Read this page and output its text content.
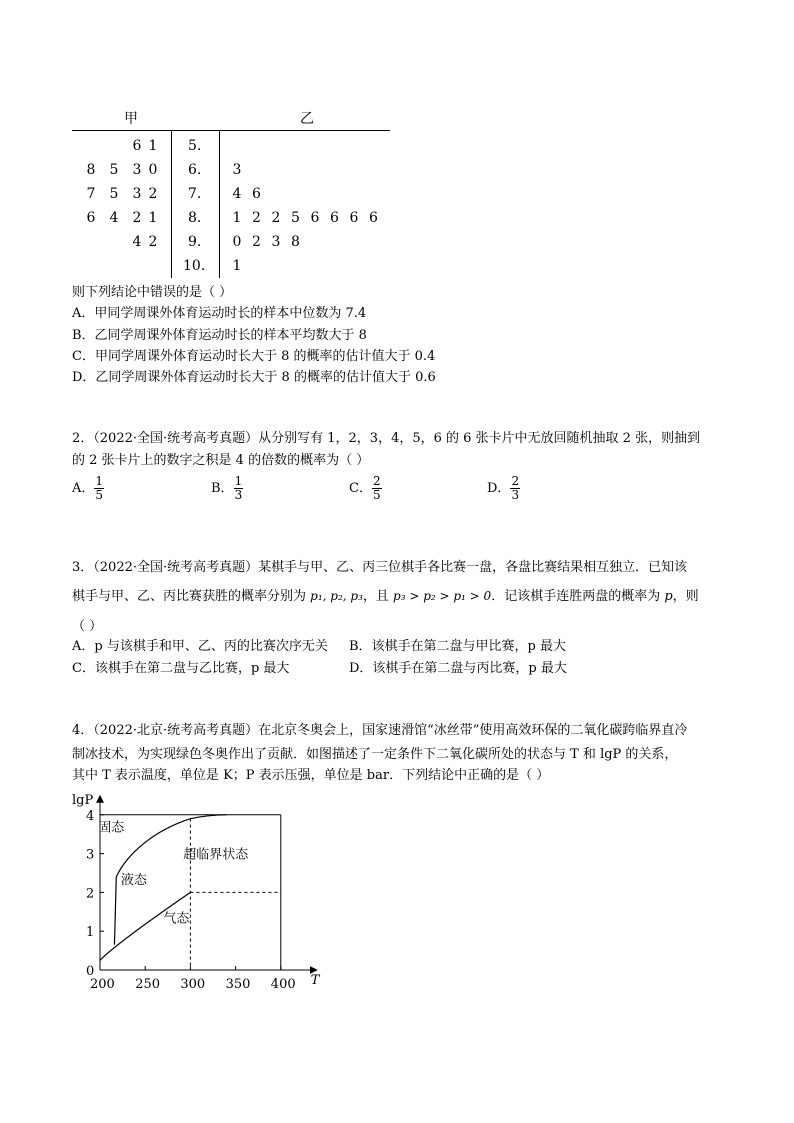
甲	乙
6 1 5.
8 5 3 0 6.	3
7 5 3 2 7.	4 6
6 4 2 1 8.	1 2 2 5 6 6 6 6
4 2 9.	0 2 3 8
10.	1
则下列结论中错误的是（ ）
A．甲同学周课外体育运动时长的样本中位数为 7.4
B．乙同学周课外体育运动时长的样本平均数大于 8
C．甲同学周课外体育运动时长大于 8 的概率的估计值大于 0.4
D．乙同学周课外体育运动时长大于 8 的概率的估计值大于 0.6
2．（2022·全国·统考高考真题）从分别写有 1，2，3，4，5，6 的 6 张卡片中无放回随机抽取 2 张，则抽到
的 2 张卡片上的数字之积是 4 的倍数的概率为（ ）
A． $\frac{1}{5}$	B． $\frac{1}{3}$	C． $\frac{2}{5}$	D． $\frac{2}{3}$
3．（2022·全国·统考高考真题）某棋手与甲、乙、丙三位棋手各比赛一盘，各盘比赛结果相互独立．已知该
棋手与甲、乙、丙比赛获胜的概率分别为 p₁, p₂, p₃，且 p₃ > p₂ > p₁ > 0．记该棋手连胜两盘的概率为 p，则
（ ）
A．p 与该棋手和甲、乙、丙的比赛次序无关 B．该棋手在第二盘与甲比赛，p 最大
C．该棋手在第二盘与乙比赛，p 最大	D．该棋手在第二盘与丙比赛，p 最大
4．（2022·北京·统考高考真题）在北京冬奥会上，国家速滑馆“冰丝带”使用高效环保的二氧化碳跨临界直冷
制冰技术，为实现绿色冬奥作出了贡献．如图描述了一定条件下二氧化碳所处的状态与 T 和 lgP 的关系，
其中 T 表示温度，单位是 K；P 表示压强，单位是 bar．下列结论中正确的是（ ）
0
1
2
3
4
200 250 300 350 400
lgP
T
固态
液态
超临界状态
气态
